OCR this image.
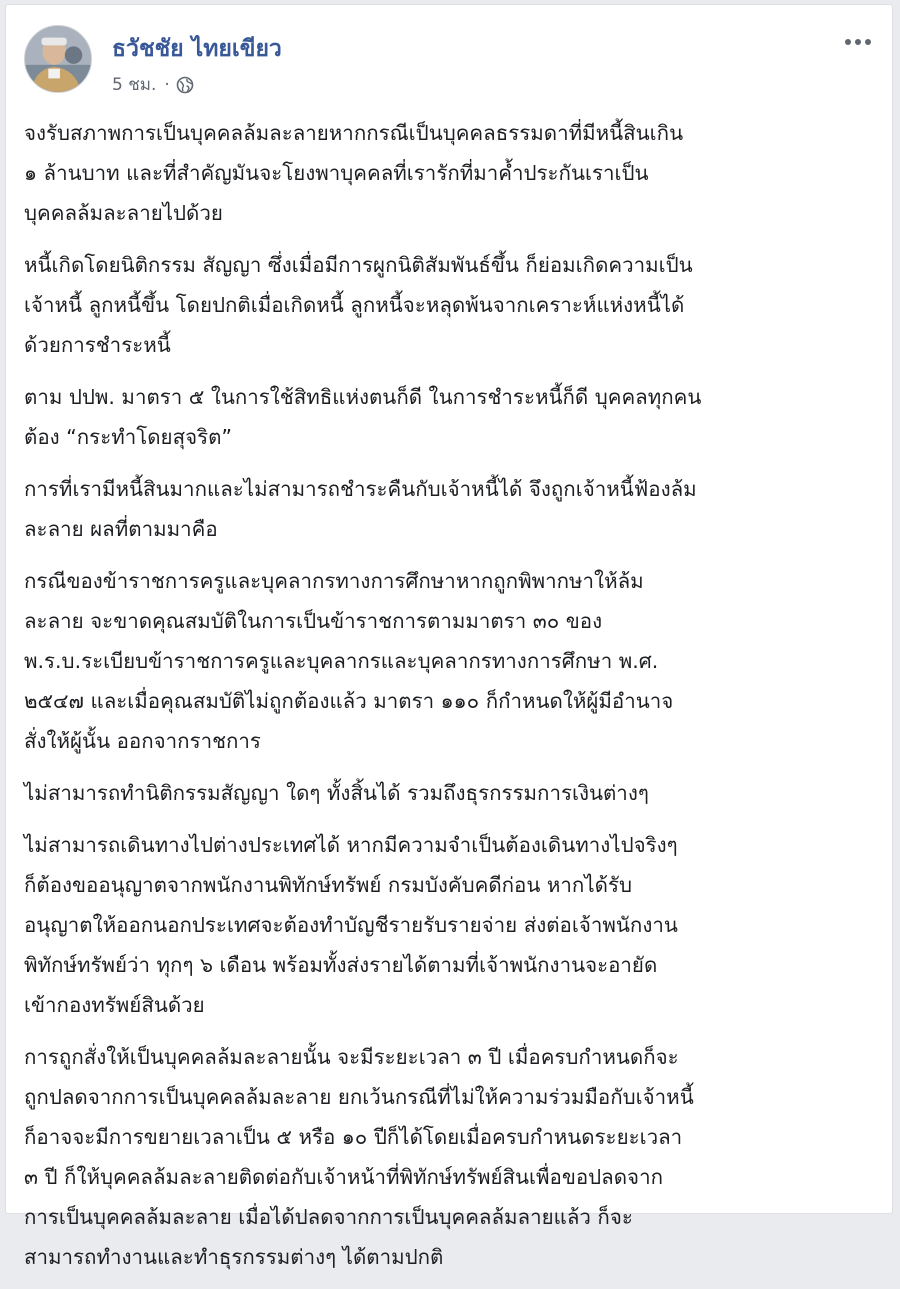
ธวัชชัย ไทยเขียว
5 ชม. ·

จงรับสภาพการเป็นบุคคลล้มละลายหากกรณีเป็นบุคคลธรรมดาที่มีหนี้สินเกิน
๑ ล้านบาท และที่สำคัญมันจะโยงพาบุคคลที่เรารักที่มาค้ำประกันเราเป็น
บุคคลล้มละลายไปด้วย

หนี้เกิดโดยนิติกรรม สัญญา ซึ่งเมื่อมีการผูกนิติสัมพันธ์ขึ้น ก็ย่อมเกิดความเป็น
เจ้าหนี้ ลูกหนี้ขึ้น โดยปกติเมื่อเกิดหนี้ ลูกหนี้จะหลุดพ้นจากเคราะห์แห่งหนี้ได้
ด้วยการชำระหนี้

ตาม ปปพ. มาตรา ๕ ในการใช้สิทธิแห่งตนก็ดี ในการชำระหนี้ก็ดี บุคคลทุกคน
ต้อง “กระทำโดยสุจริต”

การที่เรามีหนี้สินมากและไม่สามารถชำระคืนกับเจ้าหนี้ได้ จึงถูกเจ้าหนี้ฟ้องล้ม
ละลาย ผลที่ตามมาคือ

กรณีของข้าราชการครูและบุคลากรทางการศึกษาหากถูกพิพากษาให้ล้ม
ละลาย จะขาดคุณสมบัติในการเป็นข้าราชการตามมาตรา ๓๐ ของ
พ.ร.บ.ระเบียบข้าราชการครูและบุคลากรและบุคลากรทางการศึกษา พ.ศ.
๒๕๔๗ และเมื่อคุณสมบัติไม่ถูกต้องแล้ว มาตรา ๑๑๐ ก็กำหนดให้ผู้มีอำนาจ
สั่งให้ผู้นั้น ออกจากราชการ

ไม่สามารถทำนิติกรรมสัญญา ใดๆ ทั้งสิ้นได้ รวมถึงธุรกรรมการเงินต่างๆ

ไม่สามารถเดินทางไปต่างประเทศได้ หากมีความจำเป็นต้องเดินทางไปจริงๆ
ก็ต้องขออนุญาตจากพนักงานพิทักษ์ทรัพย์ กรมบังคับคดีก่อน หากได้รับ
อนุญาตให้ออกนอกประเทศจะต้องทำบัญชีรายรับรายจ่าย ส่งต่อเจ้าพนักงาน
พิทักษ์ทรัพย์ว่า ทุกๆ ๖ เดือน พร้อมทั้งส่งรายได้ตามที่เจ้าพนักงานจะอายัด
เข้ากองทรัพย์สินด้วย

การถูกสั่งให้เป็นบุคคลล้มละลายนั้น จะมีระยะเวลา ๓ ปี เมื่อครบกำหนดก็จะ
ถูกปลดจากการเป็นบุคคลล้มละลาย ยกเว้นกรณีที่ไม่ให้ความร่วมมือกับเจ้าหนี้
ก็อาจจะมีการขยายเวลาเป็น ๕ หรือ ๑๐ ปีก็ได้โดยเมื่อครบกำหนดระยะเวลา
๓ ปี ก็ให้บุคคลล้มละลายติดต่อกับเจ้าหน้าที่พิทักษ์ทรัพย์สินเพื่อขอปลดจาก
การเป็นบุคคลล้มละลาย เมื่อได้ปลดจากการเป็นบุคคลล้มลายแล้ว ก็จะ
สามารถทำงานและทำธุรกรรมต่างๆ ได้ตามปกติ
